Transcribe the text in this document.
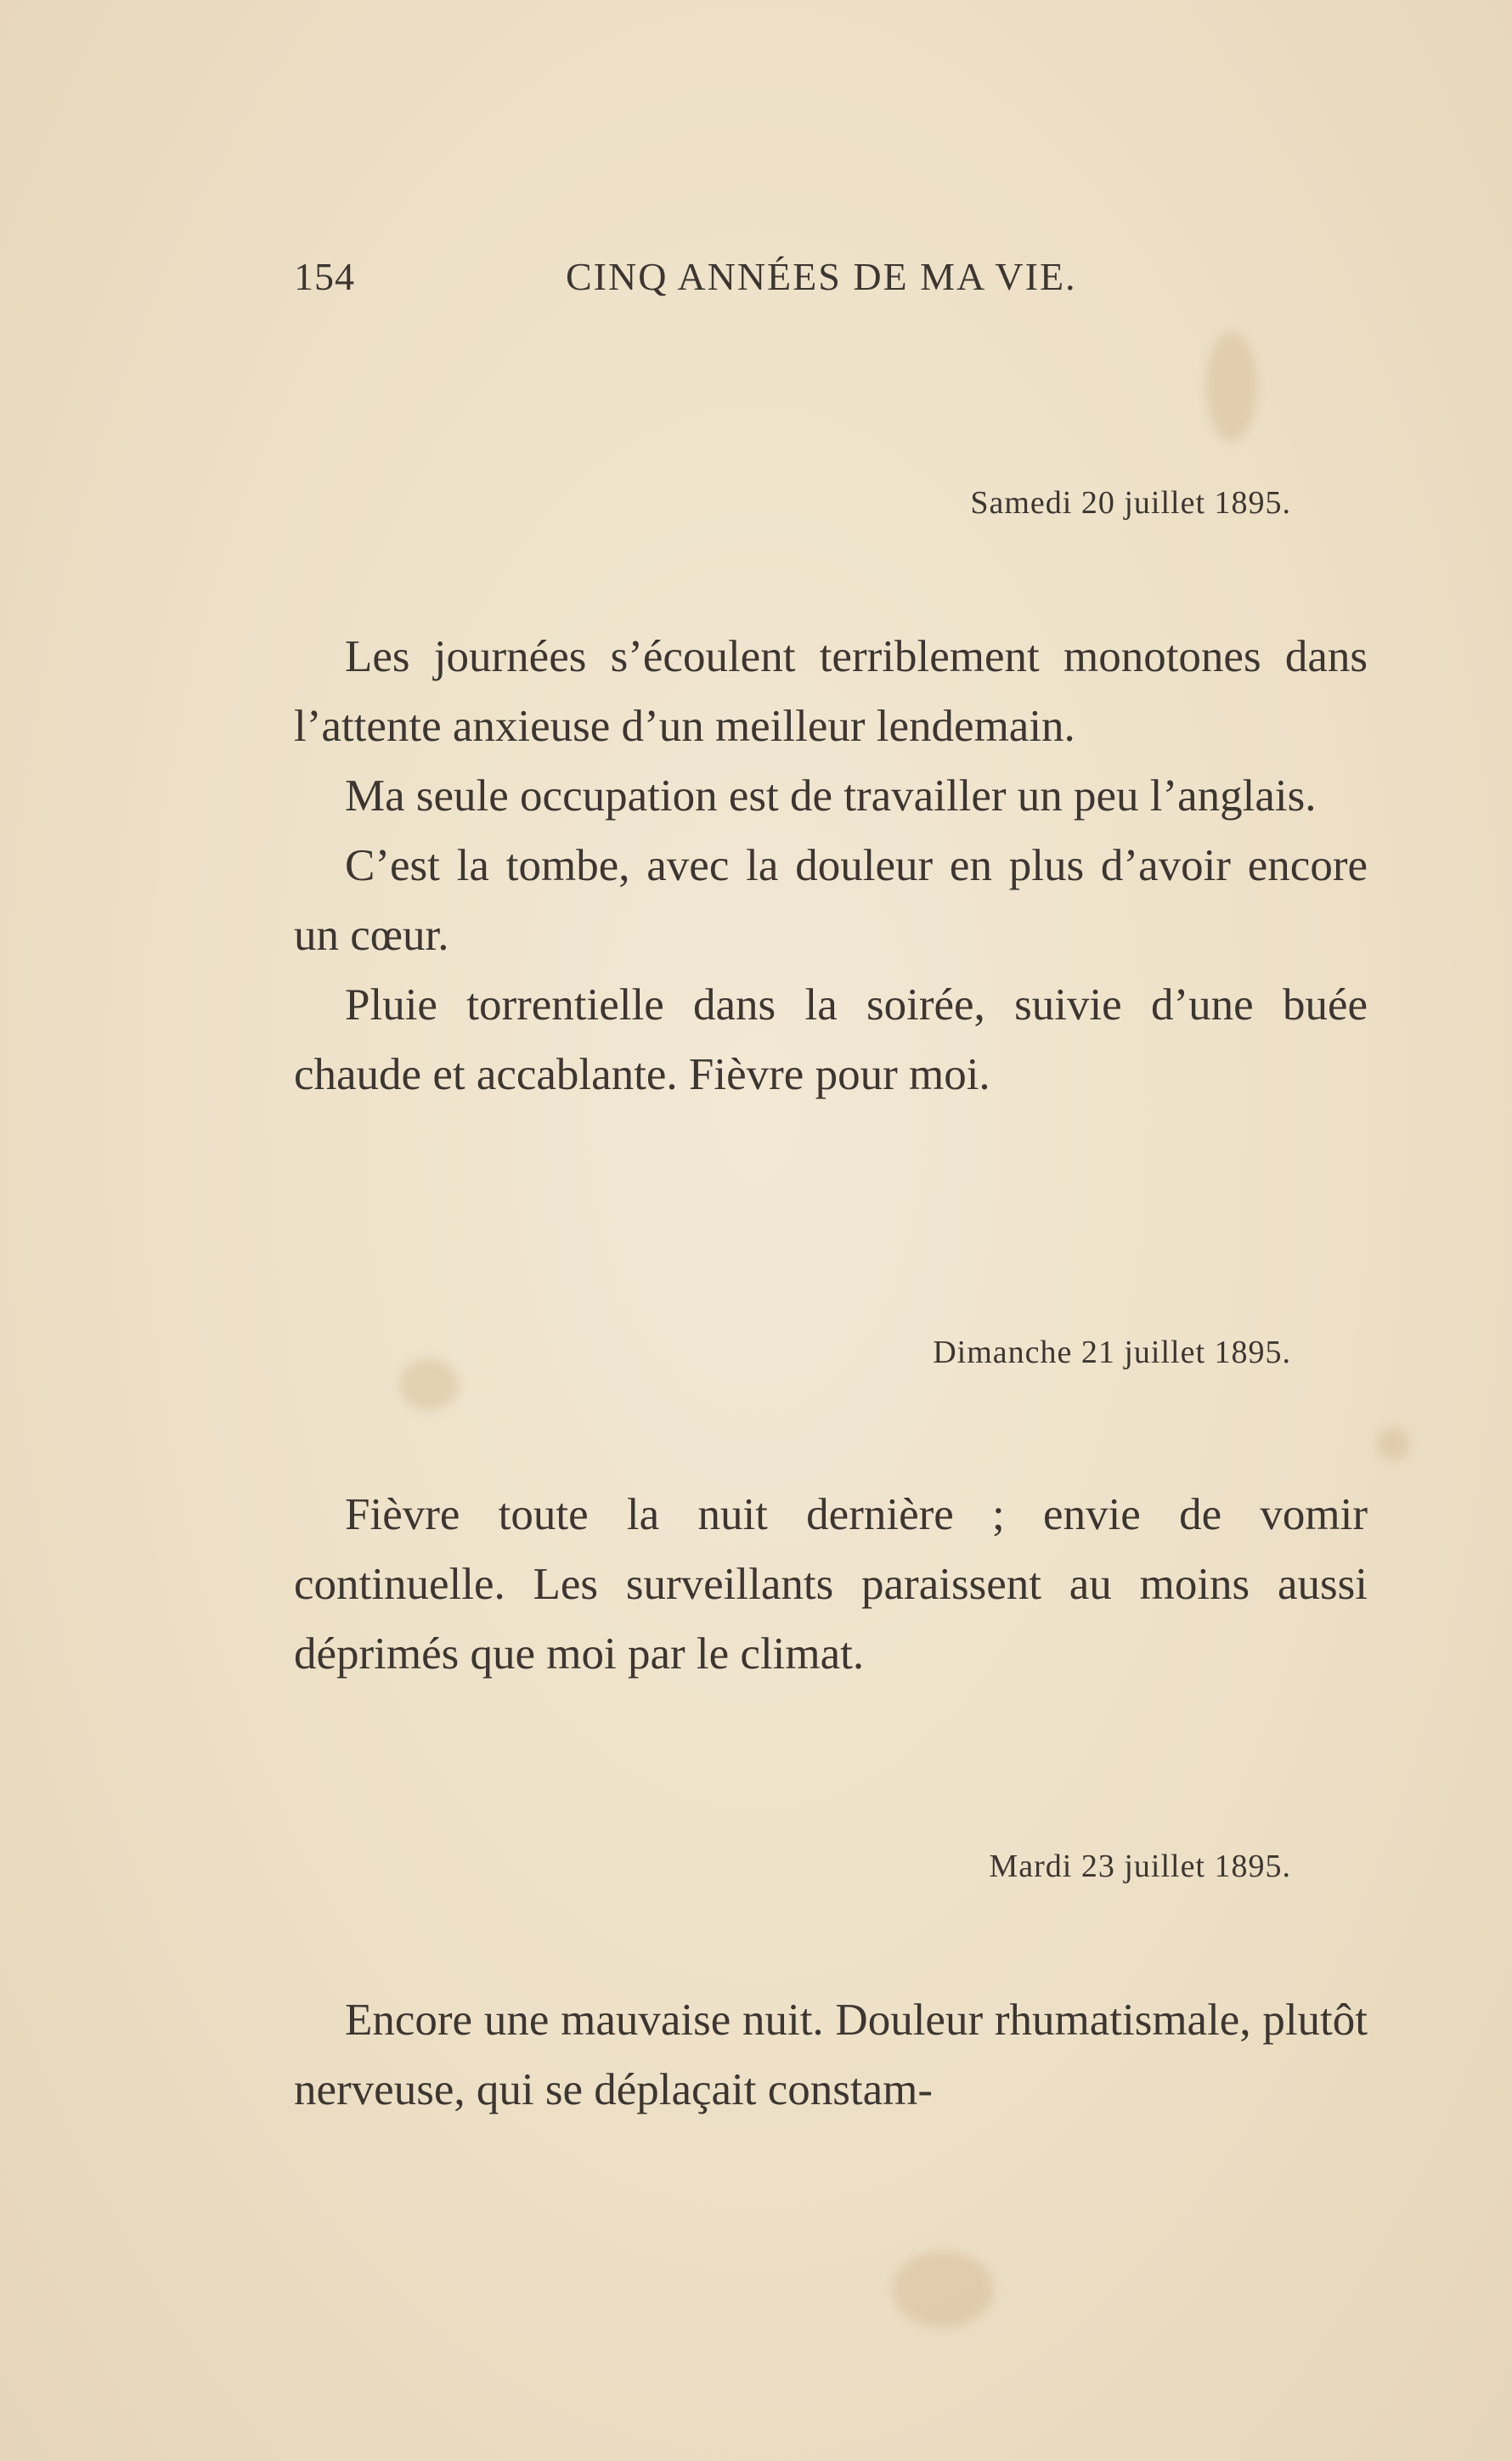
154	CINQ ANNÉES DE MA VIE.
Samedi 20 juillet 1895.

Les journées s’écoulent terriblement monotones dans l’attente anxieuse d’un meilleur lendemain.

Ma seule occupation est de travailler un peu l’anglais.

C’est la tombe, avec la douleur en plus d’avoir encore un cœur.

Pluie torrentielle dans la soirée, suivie d’une buée chaude et accablante. Fièvre pour moi.

Dimanche 21 juillet 1895.

Fièvre toute la nuit dernière ; envie de vomir continuelle. Les surveillants paraissent au moins aussi déprimés que moi par le climat.

Mardi 23 juillet 1895.

Encore une mauvaise nuit. Douleur rhumatismale, plutôt nerveuse, qui se déplaçait constam-
